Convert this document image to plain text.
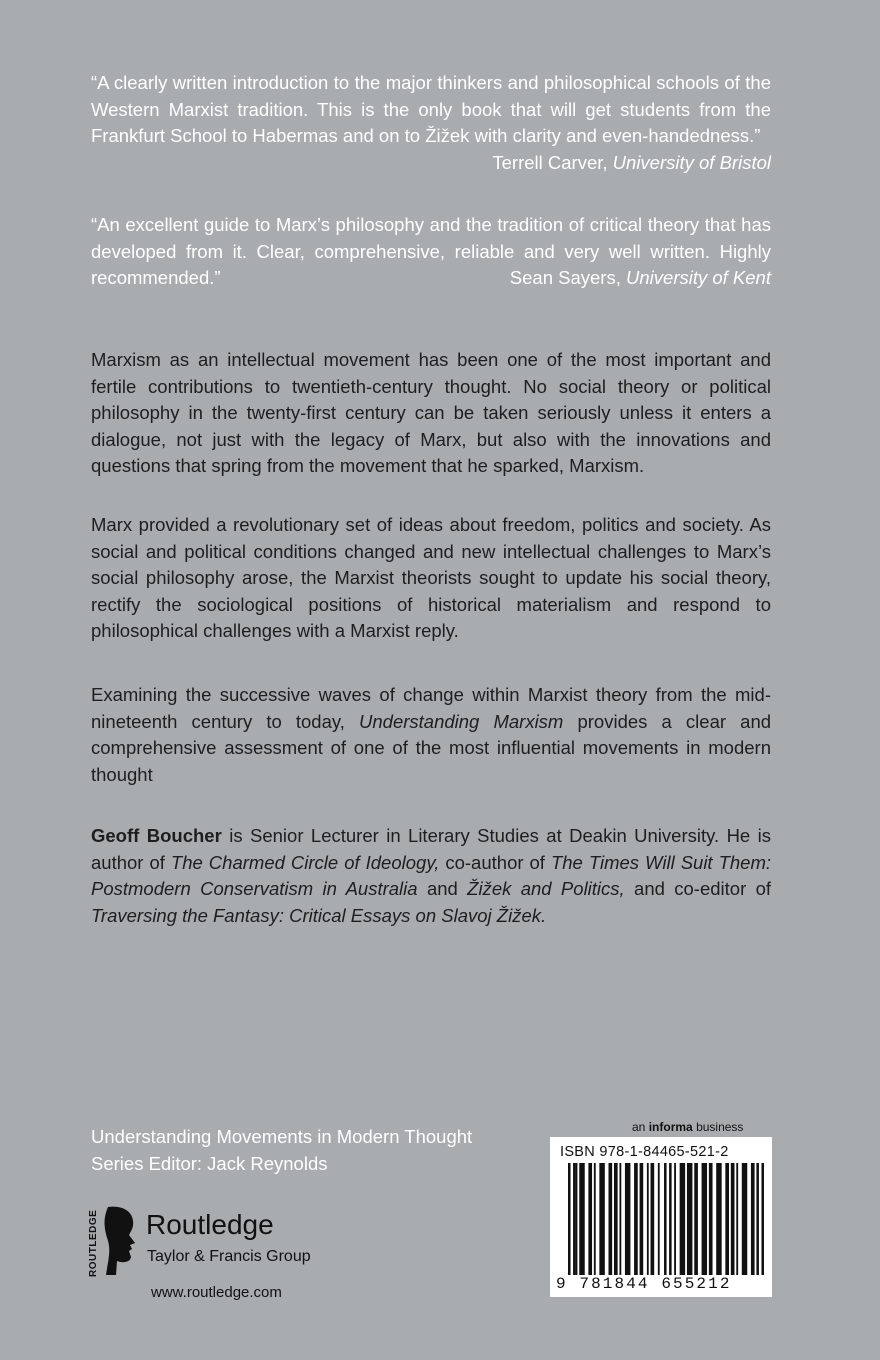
“A clearly written introduction to the major thinkers and philosophical schools of the Western Marxist tradition. This is the only book that will get students from the Frankfurt School to Habermas and on to Žižek with clarity and even-handedness.”

Terrell Carver, University of Bristol

“An excellent guide to Marx’s philosophy and the tradition of critical theory that has developed from it. Clear, comprehensive, reliable and very well written. Highly recommended.”	Sean Sayers, University of Kent

Marxism as an intellectual movement has been one of the most important and fertile contributions to twentieth-century thought. No social theory or political philosophy in the twenty-first century can be taken seriously unless it enters a dialogue, not just with the legacy of Marx, but also with the innovations and questions that spring from the movement that he sparked, Marxism.

Marx provided a revolutionary set of ideas about freedom, politics and society. As social and political conditions changed and new intellectual challenges to Marx’s social philosophy arose, the Marxist theorists sought to update his social theory, rectify the sociological positions of historical materialism and respond to philosophical challenges with a Marxist reply.

Examining the successive waves of change within Marxist theory from the mid-nineteenth century to today, Understanding Marxism provides a clear and comprehensive assessment of one of the most influential movements in modern thought

Geoff Boucher is Senior Lecturer in Literary Studies at Deakin University. He is author of The Charmed Circle of Ideology, co-author of The Times Will Suit Them: Postmodern Conservatism in Australia and Žižek and Politics, and co-editor of Traversing the Fantasy: Critical Essays on Slavoj Žižek.

Understanding Movements in Modern Thought
Series Editor: Jack Reynolds
ROUTLEDGE Routledge
Taylor & Francis Group
www.routledge.com
an informa business
ISBN 978-1-84465-521-2
9 781844 655212
